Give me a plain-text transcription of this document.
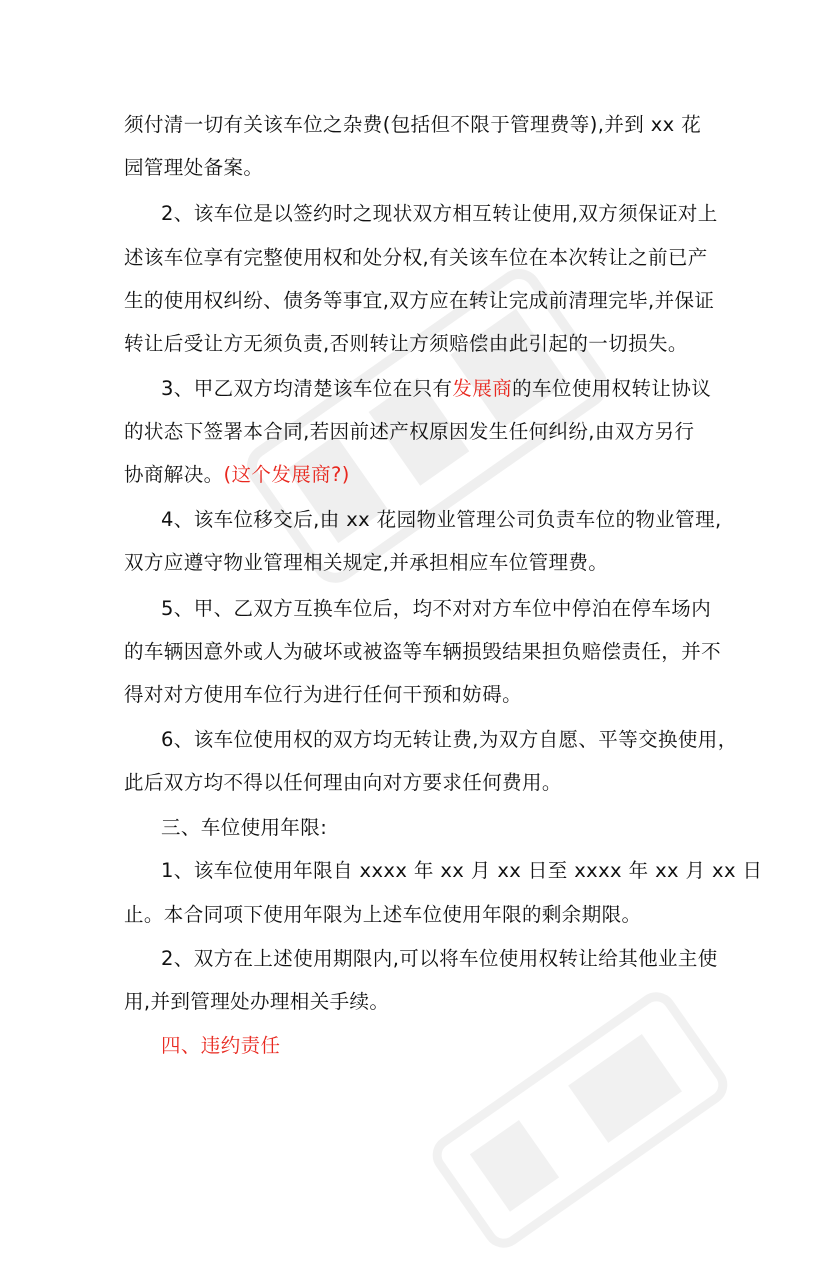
须付清一切有关该车位之杂费(包括但不限于管理费等),并到 xx 花
园管理处备案。
2、该车位是以签约时之现状双方相互转让使用,双方须保证对上
述该车位享有完整使用权和处分权,有关该车位在本次转让之前已产
生的使用权纠纷、债务等事宜,双方应在转让完成前清理完毕,并保证
转让后受让方无须负责,否则转让方须赔偿由此引起的一切损失。
3、甲乙双方均清楚该车位在只有发展商的车位使用权转让协议
的状态下签署本合同,若因前述产权原因发生任何纠纷,由双方另行
协商解决。(这个发展商?)
4、该车位移交后,由 xx 花园物业管理公司负责车位的物业管理,
双方应遵守物业管理相关规定,并承担相应车位管理费。
5、甲、乙双方互换车位后，均不对对方车位中停泊在停车场内
的车辆因意外或人为破坏或被盗等车辆损毁结果担负赔偿责任，并不
得对对方使用车位行为进行任何干预和妨碍。
6、该车位使用权的双方均无转让费,为双方自愿、平等交换使用，
此后双方均不得以任何理由向对方要求任何费用。
三、车位使用年限:
1、该车位使用年限自 xxxx 年 xx 月 xx 日至 xxxx 年 xx 月 xx 日
止。本合同项下使用年限为上述车位使用年限的剩余期限。
2、双方在上述使用期限内,可以将车位使用权转让给其他业主使
用,并到管理处办理相关手续。
四、违约责任
